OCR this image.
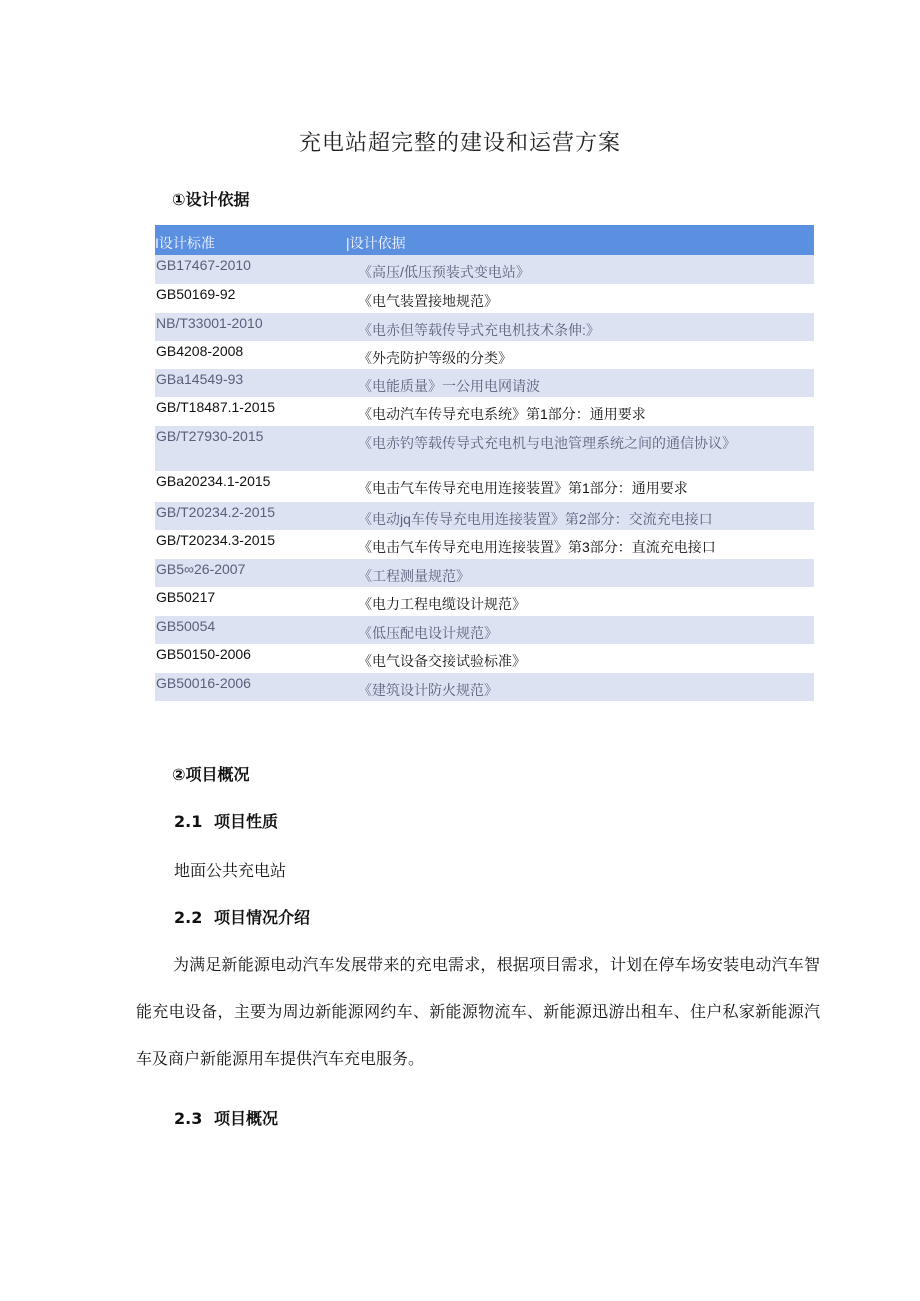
充电站超完整的建设和运营方案
①设计依据
I设计标准	|设计依据

GB17467-2010	《高压/低压预装式变电站》

GB50169-92	《电气装置接地规范》

NB/T33001-2010	《电赤但等载传导式充电机技术条伸:》

GB4208-2008	《外壳防护等级的分类》

GBa14549-93	《电能质量》一公用电网请波

GB/T18487.1-2015	《电动汽车传导充电系统》第1部分：通用要求

GB/T27930-2015	《电赤钓等载传导式充电机与电池管理系统之间的通信协议》

GBa20234.1-2015	《电击气车传导充电用连接装置》第1部分：通用要求

GB/T20234.2-2015	《电动jq车传导充电用连接装置》第2部分：交流充电接口

GB/T20234.3-2015	《电击气车传导充电用连接装置》第3部分：直流充电接口

GB5∞26-2007	《工程测量规范》

GB50217	《电力工程电缆设计规范》

GB50054	《低压配电设计规范》

GB50150-2006	《电气设备交接试验标准》

GB50016-2006	《建筑设计防火规范》
②项目概况
2.1 项目性质
地面公共充电站
2.2 项目情况介绍
为满足新能源电动汽车发展带来的充电需求，根据项目需求，计划在停车场安装电动汽车智能充电设备，主要为周边新能源网约车、新能源物流车、新能源迅游出租车、住户私家新能源汽车及商户新能源用车提供汽车充电服务。
2.3 项目概况
